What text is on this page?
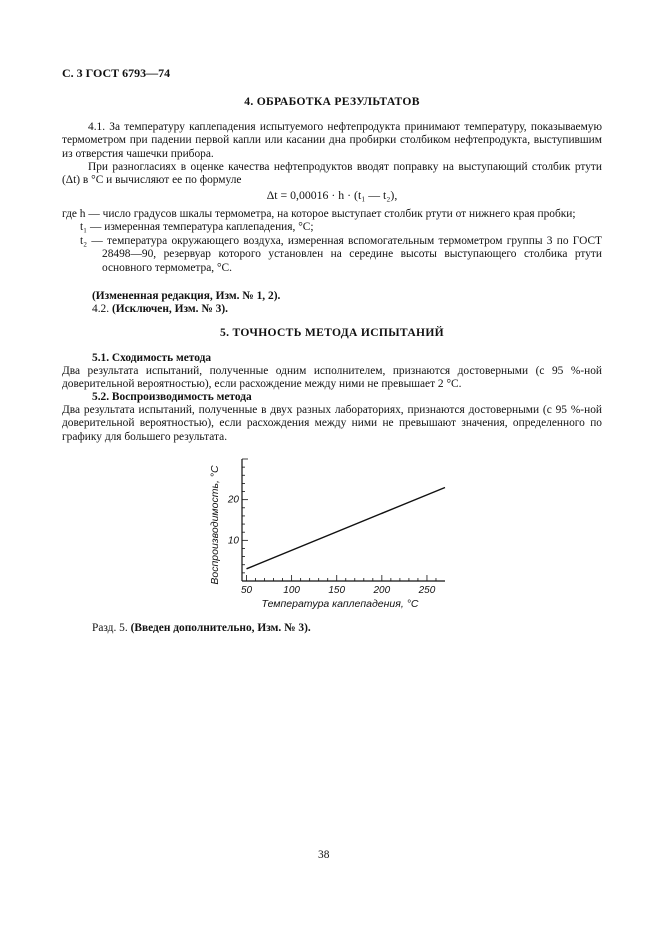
С. 3 ГОСТ 6793—74
4. ОБРАБОТКА РЕЗУЛЬТАТОВ
4.1. За температуру каплепадения испытуемого нефтепродукта принимают температуру, показываемую термометром при падении первой капли или касании дна пробирки столбиком нефтепродукта, выступившим из отверстия чашечки прибора.
При разногласиях в оценке качества нефтепродуктов вводят поправку на выступающий столбик ртути (Δt) в °С и вычисляют ее по формуле
Δt = 0,00016 · h · (t₁ — t₂),

где h — число градусов шкалы термометра, на которое выступает столбик ртути от нижнего края пробки;

t₁ — измеренная температура каплепадения, °С;

t₂ — температура окружающего воздуха, измеренная вспомогательным термометром группы 3 по ГОСТ 28498—90, резервуар которого установлен на середине высоты выступающего столбика ртути основного термометра, °С.

(Измененная редакция, Изм. № 1, 2).
4.2. (Исключен, Изм. № 3).
5. ТОЧНОСТЬ МЕТОДА ИСПЫТАНИЙ
5.1. Сходимость метода
Два результата испытаний, полученные одним исполнителем, признаются достоверными (с 95 %-ной доверительной вероятностью), если расхождение между ними не превышает 2 °С.
5.2. Воспроизводимость метода
Два результата испытаний, полученные в двух разных лабораториях, признаются достоверными (с 95 %-ной доверительной вероятностью), если расхождения между ними не превышают значения, определенного по графику для большего результата.
10
20
50	100	150	200	250
Температура каплепадения, °С
Воспроизводимость, °С
Разд. 5. (Введен дополнительно, Изм. № 3).
38
